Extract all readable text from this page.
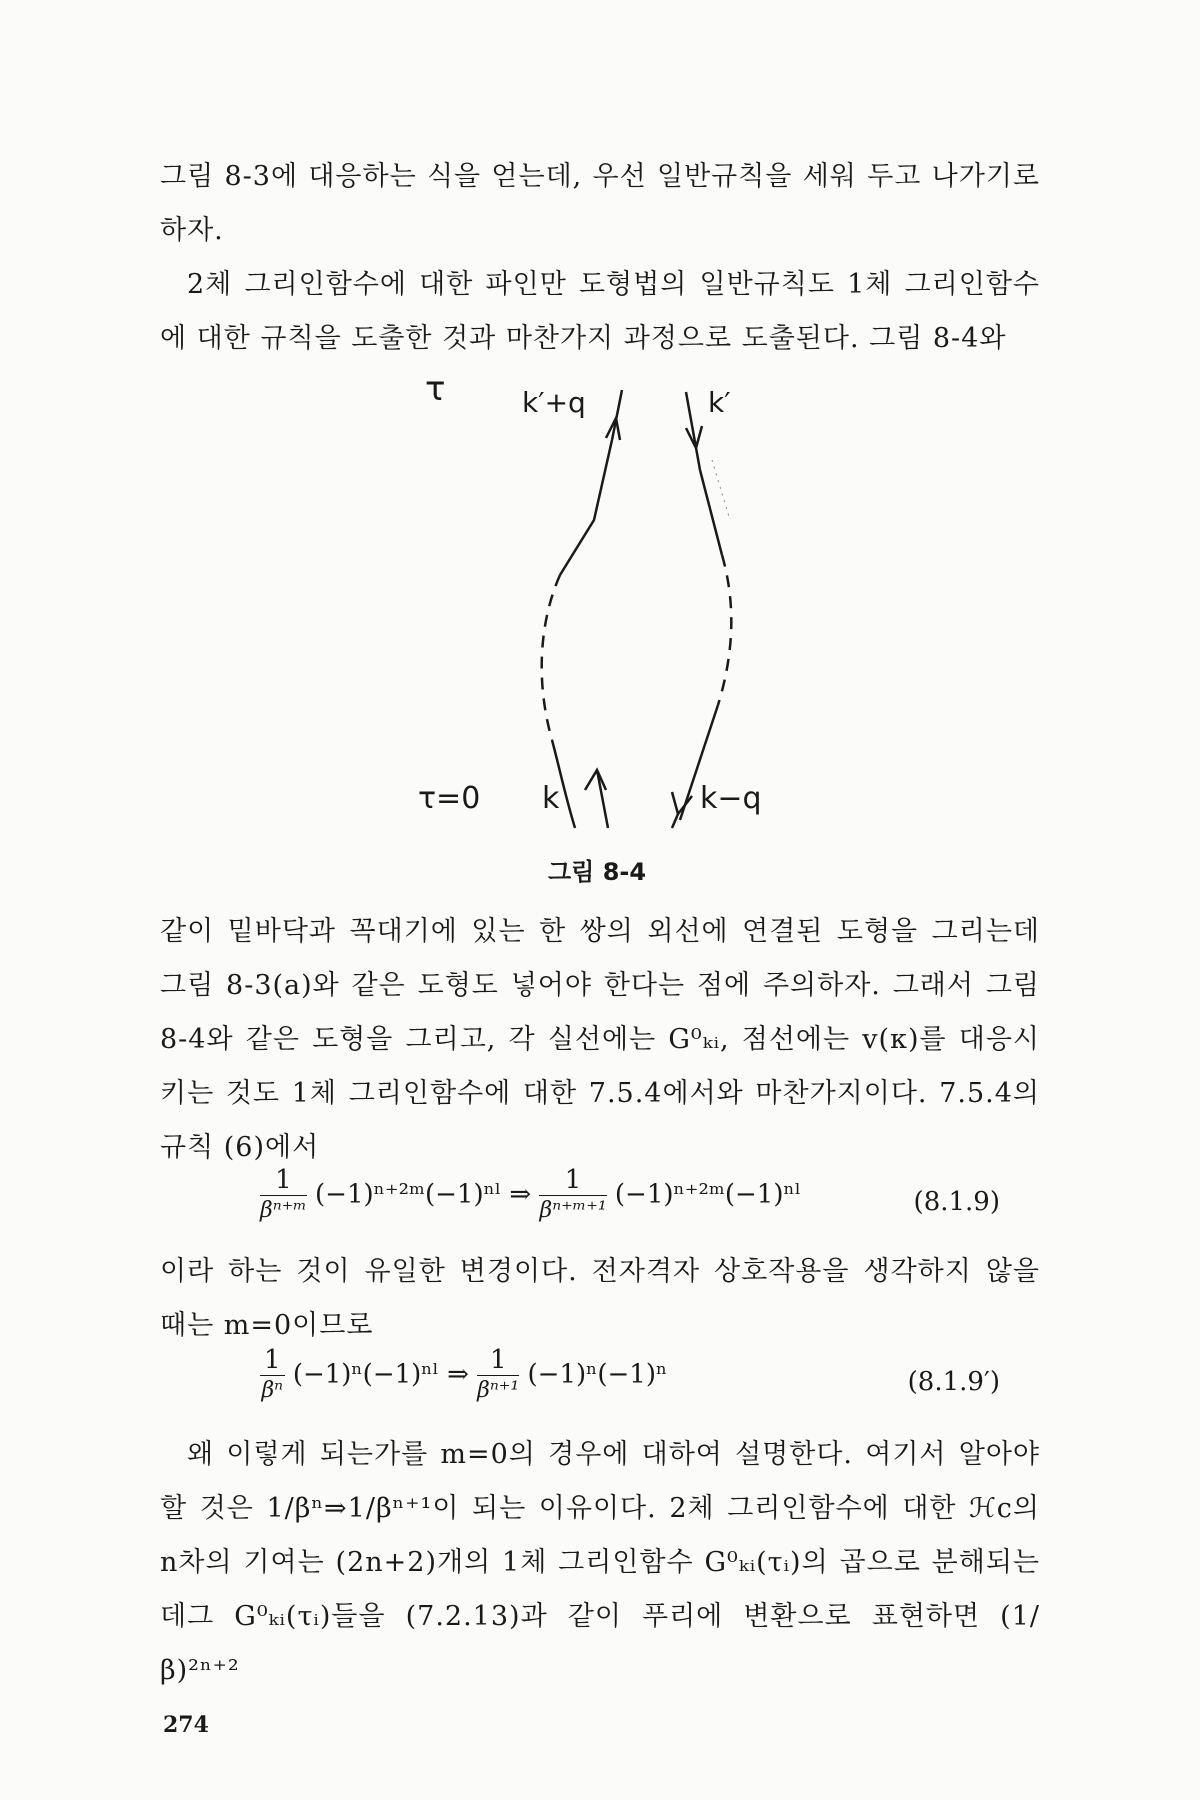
그림 8-3에 대응하는 식을 얻는데, 우선 일반규칙을 세워 두고 나가기로 하자.

2체 그리인함수에 대한 파인만 도형법의 일반규칙도 1체 그리인함수에 대한 규칙을 도출한 것과 마찬가지 과정으로 도출된다. 그림 8-4와

τ	k′+q	k′
τ=0 k	k−q
그림 8-4

같이 밑바닥과 꼭대기에 있는 한 쌍의 외선에 연결된 도형을 그리는데 그림 8-3(a)와 같은 도형도 넣어야 한다는 점에 주의하자. 그래서 그림 8-4와 같은 도형을 그리고, 각 실선에는 G⁰ₖᵢ, 점선에는 v(κ)를 대응시키는 것도 1체 그리인함수에 대한 7.5.4에서와 마찬가지이다. 7.5.4의 규칙 (6)에서

$\frac{1}{\text{βⁿ⁺ᵐ}}$ (−1)ⁿ⁺²ᵐ(−1)ⁿˡ ⇒ $\frac{1}{\text{βⁿ⁺ᵐ⁺¹}}$ (−1)ⁿ⁺²ᵐ(−1)ⁿˡ	(8.1.9)

이라 하는 것이 유일한 변경이다. 전자격자 상호작용을 생각하지 않을 때는 m=0이므로

$\frac{1}{\text{βⁿ}}$ (−1)ⁿ(−1)ⁿˡ ⇒ $\frac{1}{\text{βⁿ⁺¹}} (-1)^n(-1)^n$	(8.1.9′)

왜 이렇게 되는가를 m=0의 경우에 대하여 설명한다. 여기서 알아야 할 것은 1/βⁿ⇒1/βⁿ⁺¹이 되는 이유이다. 2체 그리인함수에 대한 ℋc의 n차의 기여는 (2n+2)개의 1체 그리인함수 G⁰ₖᵢ(τᵢ)의 곱으로 분해되는데그 G⁰ₖᵢ(τᵢ)들을 (7.2.13)과 같이 푸리에 변환으로 표현하면 (1/β)²ⁿ⁺²

274
